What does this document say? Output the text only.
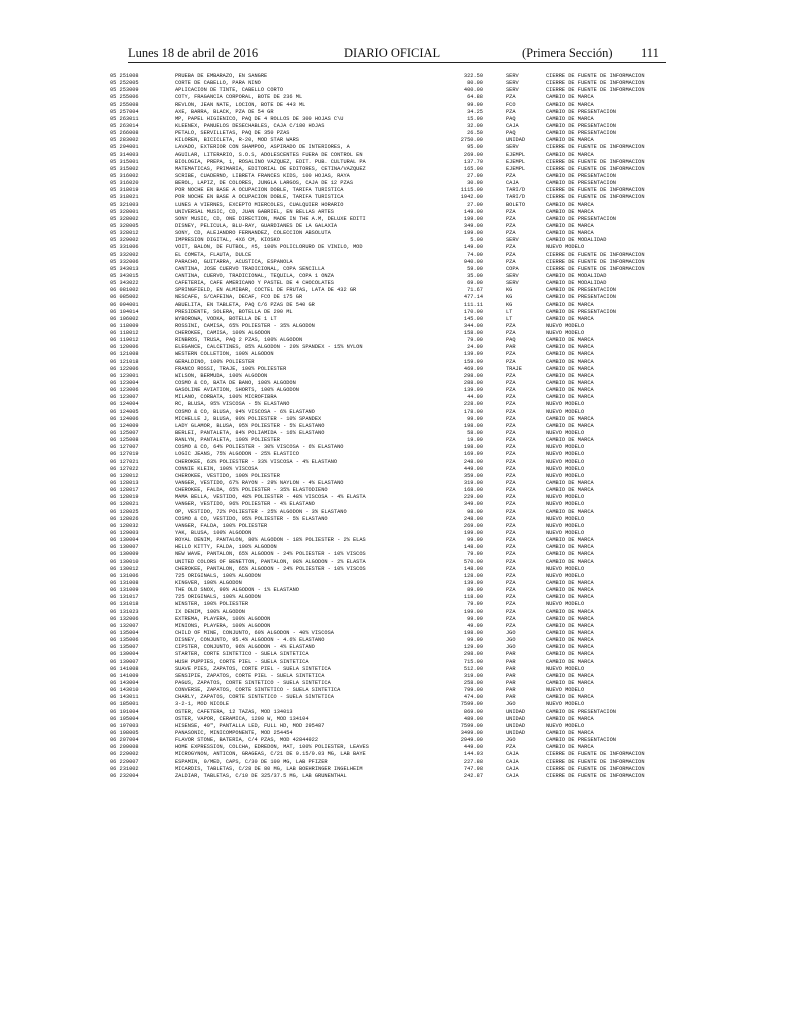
Lunes 18 de abril de 2016	DIARIO OFICIAL	(Primera Sección) 111
05 251008	PRUEBA DE EMBARAZO, EN SANGRE	322.50	SERV	CIERRE DE FUENTE DE INFORMACION
05 252005	CORTE DE CABELLO, PARA NIÑO	80.00	SERV	CIERRE DE FUENTE DE INFORMACION
05 253009	APLICACION DE TINTE, CABELLO CORTO	400.00	SERV	CIERRE DE FUENTE DE INFORMACION
05 255006	COTY, FRAGANCIA CORPORAL, BOTE DE 236 ML	64.88	PZA	CAMBIO DE MARCA
05 255008	REVLON, JEAN NATE, LOCION, BOTE DE 443 ML	99.90	FCO	CAMBIO DE MARCA
05 257004	AXE, BARRA, BLACK, PZA DE 54 GR	34.25	PZA	CAMBIO DE PRESENTACION
05 263011	MP, PAPEL HIGIENICO, PAQ DE 4 ROLLOS DE 300 HOJAS C\U	15.90	PAQ	CAMBIO DE MARCA
05 263014	KLEENEX, PAÑUELOS DESECHABLES, CAJA C/180 HOJAS	32.00	CAJA	CAMBIO DE PRESENTACION
05 266008	PETALO, SERVILLETAS, PAQ DE 350 PZAS	26.50	PAQ	CAMBIO DE PRESENTACION
05 283002	KILOREN, BICICLETA, R-20, MOD STAR WARS	2750.00	UNIDAD	CAMBIO DE MARCA
05 294001	LAVADO, EXTERIOR CON SHAMPOO, ASPIRADO DE INTERIORES, A	95.00	SERV	CIERRE DE FUENTE DE INFORMACION
05 314003	AGUILAR, LITERARIO, S.O.S, ADOLESCENTES FUERA DE CONTROL EN	269.00	EJEMPL	CAMBIO DE MARCA
05 315001	BIOLOGIA, PREPA, 1, ROSALINO VAZQUEZ, EDIT. PUB. CULTURAL PA	137.70	EJEMPL	CIERRE DE FUENTE DE INFORMACION
05 315002	MATEMATICAS, PRIMARIA, EDITORIAL DE EDITORES, CETINA/VAZQUEZ	165.00	EJEMPL	CIERRE DE FUENTE DE INFORMACION
05 316002	SCRIBE, CUADERNO, LIBRETA FRANCES KIDS, 100 HOJAS, RAYA	27.90	PZA	CAMBIO DE PRESENTACION
05 316020	BEROL, LAPIZ, DE COLORES, JUNGLA LARGOS, CAJA DE 12 PZAS	30.90	CAJA	CAMBIO DE PRESENTACION
05 318019	POR NOCHE EN BASE A OCUPACION DOBLE, TARIFA TURISTICA	1115.00	TARI/D	CIERRE DE FUENTE DE INFORMACION
05 318021	POR NOCHE EN BASE A OCUPACION DOBLE, TARIFA TURISTICA	1942.00	TARI/D	CIERRE DE FUENTE DE INFORMACION
05 321003	LUNES A VIERNES, EXCEPTO MIERCOLES, CUALQUIER HORARIO	27.00	BOLETO	CAMBIO DE MARCA
05 328001	UNIVERSAL MUSIC, CD, JUAN GABRIEL, EN BELLAS ARTES	149.00	PZA	CAMBIO DE MARCA
05 328002	SONY MUSIC, CD, ONE DIRECTION, MADE IN THE A.M, DELUXE EDITI	199.00	PZA	CAMBIO DE PRESENTACION
05 328005	DISNEY, PELICULA, BLU-RAY, GUARDIANES DE LA GALAXIA	349.00	PZA	CAMBIO DE MARCA
05 328012	SONY, CD, ALEJANDRO FERNANDEZ, COLECCION ABSOLUTA	199.00	PZA	CAMBIO DE MARCA
05 329002	IMPRESION DIGITAL, 4X6 CM, KIOSKO	5.00	SERV	CAMBIO DE MODALIDAD
05 331006	VOIT, BALON, DE FUTBOL, #5, 100% POLICLORURO DE VINILO, MOD	149.00	PZA	NUEVO MODELO
05 332002	EL COMETA, FLAUTA, DULCE	74.00	PZA	CIERRE DE FUENTE DE INFORMACION
05 332006	PARACHO, GUITARRA, ACUSTICA, ESPAÑOLA	940.00	PZA	CIERRE DE FUENTE DE INFORMACION
05 343013	CANTINA, JOSE CUERVO TRADICIONAL, COPA SENCILLA	59.00	COPA	CIERRE DE FUENTE DE INFORMACION
05 343015	CANTINA, CUERVO, TRADICIONAL, TEQUILA, COPA 1 ONZA	35.00	SERV	CAMBIO DE MODALIDAD
05 343022	CAFETERIA, CAFE AMERICANO Y PASTEL DE 4 CHOCOLATES	69.00	SERV	CAMBIO DE MODALIDAD
06 081002	SPRINGFIELD, EN ALMIBAR, COCTEL DE FRUTAS, LATA DE 432 GR	71.67	KG	CAMBIO DE PRESENTACION
06 085002	NESCAFE, S/CAFEINA, DECAF, FCO DE 175 GR	477.14	KG	CAMBIO DE PRESENTACION
06 094001	ABUELITA, EN TABLETA, PAQ C/6 PZAS DE 540 GR	111.11	KG	CAMBIO DE MARCA
06 104014	PRESIDENTE, SOLERA, BOTELLA DE 200 ML	170.00	LT	CAMBIO DE PRESENTACION
06 106002	WYBOROWA, VODKA, BOTELLA DE 1 LT	145.00	LT	CAMBIO DE MARCA
06 118009	ROSSINI, CAMISA, 65% POLIESTER - 35% ALGODON	344.00	PZA	NUEVO MODELO
06 118012	CHEROKEE, CAMISA, 100% ALGODON	158.00	PZA	NUEVO MODELO
06 119012	RINBROS, TRUSA, PAQ 2 PZAS, 100% ALGODON	79.00	PAQ	CAMBIO DE MARCA
06 120006	ELEGANCE, CALCETINES, 85% ALGODON - 20% SPANDEX - 15% NYLON	24.99	PAR	CAMBIO DE MARCA
06 121008	WESTERN COLLETION, 100% ALGODON	139.99	PZA	CAMBIO DE MARCA
06 121018	GERALDINO, 100% POLIESTER	159.99	PZA	CAMBIO DE MARCA
06 122006	FRANCO ROSSI, TRAJE, 100% POLIESTER	469.99	TRAJE	CAMBIO DE MARCA
06 123001	WILSON, BERMUDA, 100% ALGODON	298.00	PZA	CAMBIO DE MARCA
06 123004	COSMO & CO, BATA DE BAÑO, 100% ALGODON	288.00	PZA	CAMBIO DE MARCA
06 123006	GASOLINE AVIATION, SHORTS, 100% ALGODON	139.99	PZA	CAMBIO DE MARCA
06 123007	MILANO, CORBATA, 100% MICROFIBRA	44.99	PZA	CAMBIO DE MARCA
06 124004	RC, BLUSA, 95% VISCOSA - 5% ELASTANO	228.00	PZA	NUEVO MODELO
06 124005	COSMO & CO, BLUSA, 94% VISCOSA - 6% ELASTANO	178.00	PZA	NUEVO MODELO
06 124006	MICHELLE J, BLUSA, 90% POLIESTER - 10% SPANDEX	99.99	PZA	CAMBIO DE MARCA
06 124009	LADY GLAMOR, BLUSA, 95% POLIESTER - 5% ELASTANO	198.00	PZA	CAMBIO DE MARCA
06 125007	BERLEI, PANTALETA, 84% POLIAMIDA - 16% ELASTANO	58.00	PZA	NUEVO MODELO
06 125008	RANLYN, PANTALETA, 100% POLIESTER	19.99	PZA	CAMBIO DE MARCA
06 127007	COSMO & CO, 64% POLIESTER - 30% VISCOSA - 6% ELASTANO	198.00	PZA	NUEVO MODELO
06 127019	LOGIC JEANS, 75% ALGODON - 25% ELASTICO	169.99	PZA	NUEVO MODELO
06 127021	CHEROKEE, 63% POLIESTER - 33% VISCOSA - 4% ELASTANO	248.00	PZA	NUEVO MODELO
06 127022	CONNIE KLEIN, 100% VISCOSA	449.00	PZA	NUEVO MODELO
06 128012	CHEROKEE, VESTIDO, 100% POLIESTER	359.00	PZA	NUEVO MODELO
06 128013	VANGER, VESTIDO, 67% RAYON - 29% NAYLON - 4% ELASTANO	319.00	PZA	CAMBIO DE MARCA
06 128017	CHEROKEE, FALDA, 65% POLIESTER - 35% ELASTODIENO	168.00	PZA	CAMBIO DE MARCA
06 128019	MAMA BELLA, VESTIDO, 48% POLIESTER - 48% VISCOSA - 4% ELASTA	229.00	PZA	NUEVO MODELO
06 128021	VANGER, VESTIDO, 96% POLIESTER - 4% ELASTANO	349.00	PZA	NUEVO MODELO
06 128025	OP, VESTIDO, 72% POLIESTER - 25% ALGODON - 3% ELASTANO	98.00	PZA	CAMBIO DE MARCA
06 128026	COSMO & CO, VESTIDO, 95% POLIESTER - 5% ELASTANO	248.00	PZA	NUEVO MODELO
06 128032	VANGER, FALDA, 100% POLIESTER	269.00	PZA	NUEVO MODELO
06 129003	YAK, BLUSA, 100% ALGODON	199.00	PZA	NUEVO MODELO
06 130004	ROYAL DENIM, PANTALON, 80% ALGODON - 18% POLIESTER - 2% ELAS	99.99	PZA	CAMBIO DE MARCA
06 130007	HELLO KITTY, FALDA, 100% ALGODON	148.00	PZA	CAMBIO DE MARCA
06 130009	NEW WAVE, PANTALON, 65% ALGODON - 24% POLIESTER - 10% VISCOS	79.90	PZA	CAMBIO DE MARCA
06 130010	UNITED COLORS OF BENETTON, PANTALON, 98% ALGODON - 2% ELASTA	570.00	PZA	CAMBIO DE MARCA
06 130012	CHEROKEE, PANTALON, 65% ALGODON - 24% POLIESTER - 10% VISCOS	148.00	PZA	NUEVO MODELO
06 131006	725 ORIGINALS, 100% ALGODON	128.00	PZA	NUEVO MODELO
06 131008	KINGVER, 100% ALGODON	139.99	PZA	CAMBIO DE MARCA
06 131009	THE OLD SNOX, 99% ALGODON - 1% ELASTANO	89.99	PZA	CAMBIO DE MARCA
06 131017	725 ORIGINALS, 100% ALGODON	118.00	PZA	CAMBIO DE MARCA
06 131018	WINSTER, 100% POLIESTER	79.99	PZA	NUEVO MODELO
06 131023	IX DENIM, 100% ALGODON	199.00	PZA	CAMBIO DE MARCA
06 132006	EXTREMA, PLAYERA, 100% ALGODON	99.99	PZA	CAMBIO DE MARCA
06 132007	MINIONS, PLAYERA, 100% ALGODON	49.99	PZA	CAMBIO DE MARCA
06 135004	CHILD OF MINE, CONJUNTO, 60% ALGODON - 40% VISCOSA	198.00	JGO	CAMBIO DE MARCA
06 135006	DISNEY, CONJUNTO, 95.4% ALGODON - 4.6% ELASTANO	99.99	JGO	CAMBIO DE MARCA
06 135007	CIPSTER, CONJUNTO, 96% ALGODON - 4% ELASTANO	129.99	JGO	CAMBIO DE MARCA
06 139004	STARTER, CORTE SINTETICO - SUELA SINTETICA	298.00	PAR	CAMBIO DE MARCA
06 139007	HUSH PUPPIES, CORTE PIEL - SUELA SINTETICA	715.00	PAR	CAMBIO DE MARCA
06 141008	SUAVE PIES, ZAPATOS, CORTE PIEL - SUELA SINTETICA	512.00	PAR	NUEVO MODELO
06 141009	SENSIPIE, ZAPATOS, CORTE PIEL - SUELA SINTETICA	319.00	PAR	CAMBIO DE MARCA
06 143004	PAGUS, ZAPATOS, CORTE SINTETICO - SUELA SINTETICA	258.00	PAR	CAMBIO DE MARCA
06 143010	CONVERSE, ZAPATOS, CORTE SINTETICO - SUELA SINTETICA	799.00	PAR	NUEVO MODELO
06 143011	CHARLY, ZAPATOS, CORTE SINTETICO - SUELA SINTETICA	474.00	PAR	CAMBIO DE MARCA
06 185001	3-2-1, MOD NICOLE	7599.00	JGO	NUEVO MODELO
06 191004	OSTER, CAFETERA, 12 TAZAS, MOD 134013	869.00	UNIDAD	CAMBIO DE PRESENTACION
06 195004	OSTER, VAPOR, CERAMICA, 1200 W, MOD 134104	489.00	UNIDAD	CAMBIO DE MARCA
06 197003	HISENSE, 40", PANTALLA LED, FULL HD, MOD 295487	7599.00	UNIDAD	NUEVO MODELO
06 198005	PANASONIC, MINICOMPONENTE, MOD 254454	3499.00	UNIDAD	CAMBIO DE MARCA
06 207004	FLAVOR STONE, BATERIA, C/4 PZAS, MOD 42844922	2949.00	JGO	CAMBIO DE PRESENTACION
06 209008	HOME EXPRESSION, COLCHA, EDREDON, MAT, 100% POLIESTER, LEAVES	449.00	PZA	CAMBIO DE MARCA
06 229002	MICROGYNON, ANTICON, GRAGEAS, C/21 DE 0.15/0.03 MG, LAB BAYE	144.93	CAJA	CIERRE DE FUENTE DE INFORMACION
06 229007	ESPAMIN, 0/MED, CAPS, C/30 DE 100 MG, LAB PFIZER	227.88	CAJA	CIERRE DE FUENTE DE INFORMACION
06 231002	MICARDIS, TABLETAS, C/28 DE 80 MG, LAB BOEHRINGER INGELHEIM	747.98	CAJA	CIERRE DE FUENTE DE INFORMACION
06 232004	ZALDIAR, TABLETAS, C/10 DE 325/37.5 MG, LAB GRUNENTHAL	242.87	CAJA	CIERRE DE FUENTE DE INFORMACION
